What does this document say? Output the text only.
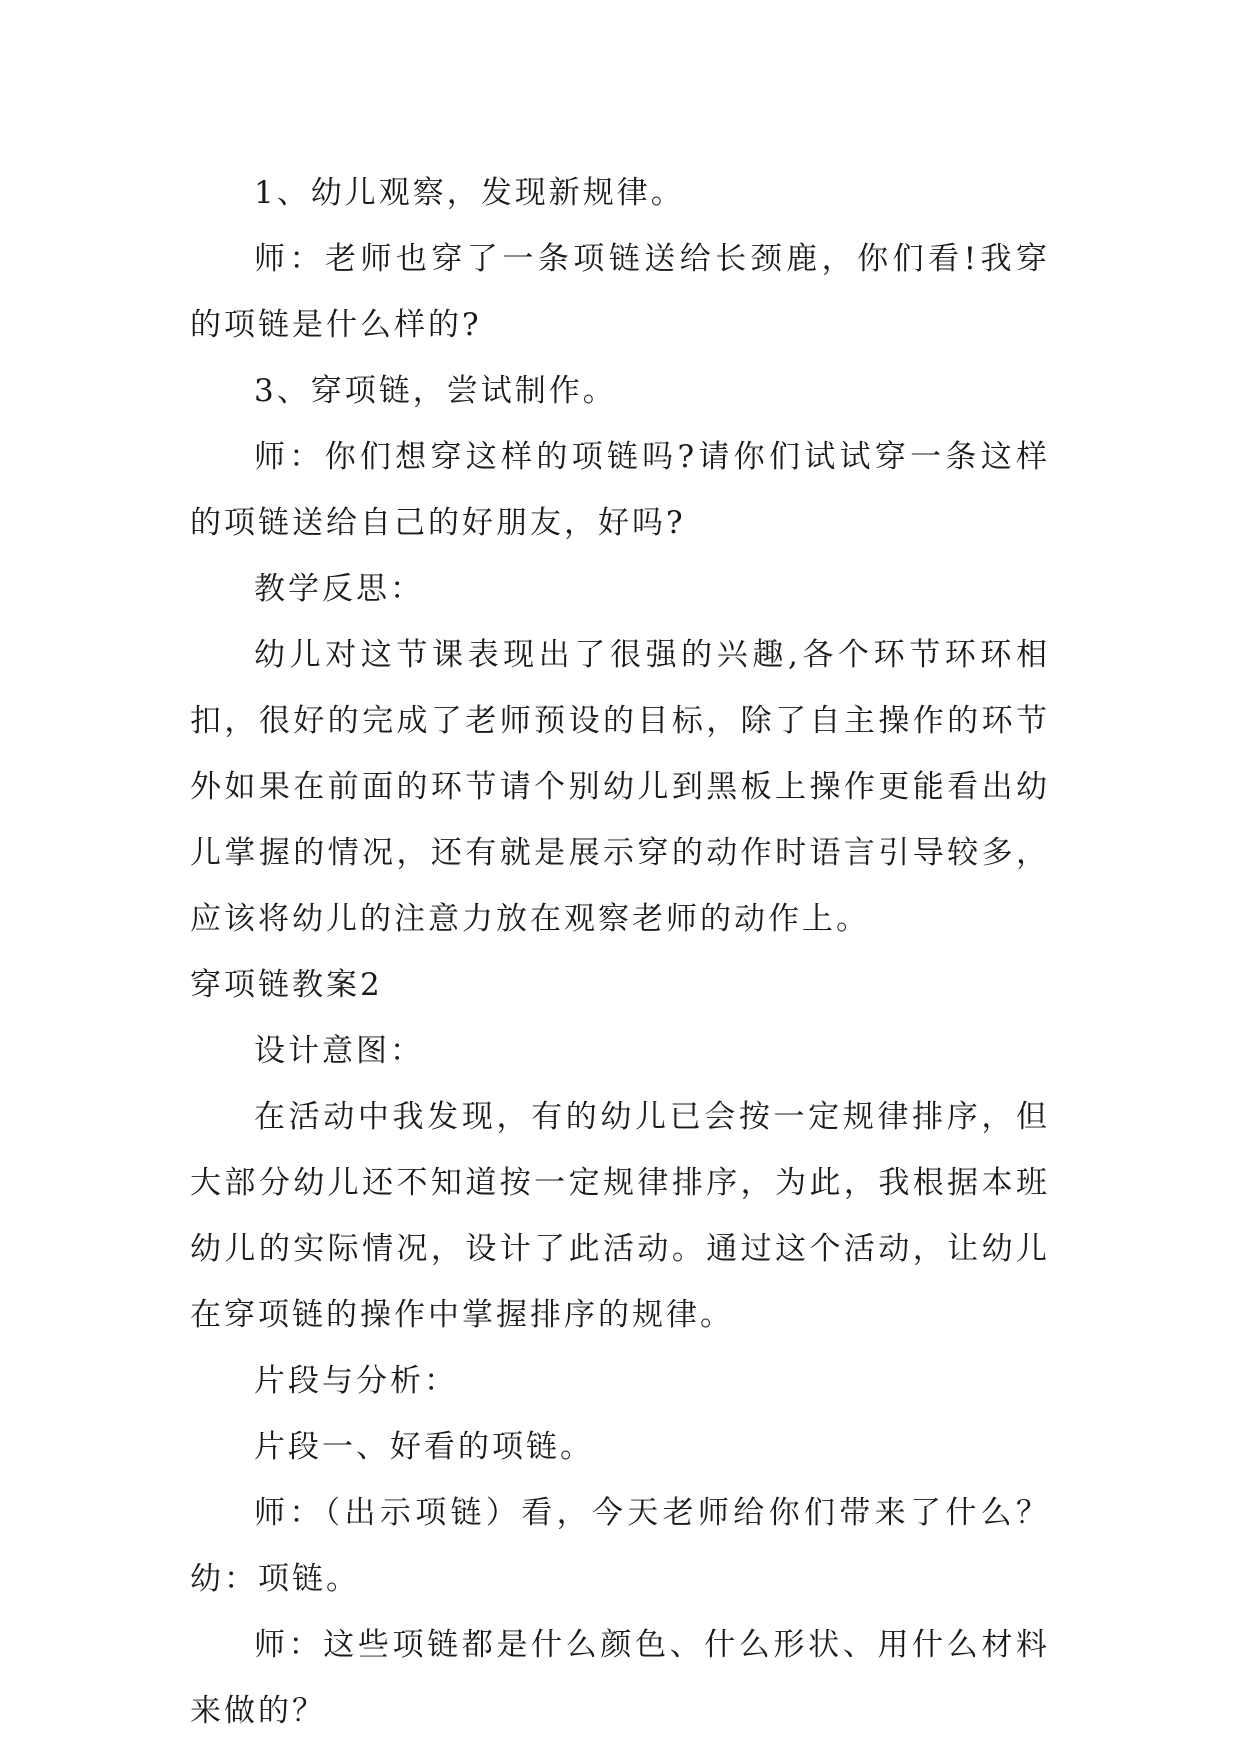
1、幼儿观察，发现新规律。

师：老师也穿了一条项链送给长颈鹿，你们看!我穿的项链是什么样的?

3、穿项链，尝试制作。

师：你们想穿这样的项链吗?请你们试试穿一条这样的项链送给自己的好朋友，好吗?

教学反思：

幼儿对这节课表现出了很强的兴趣,各个环节环环相扣，很好的完成了老师预设的目标，除了自主操作的环节外如果在前面的环节请个别幼儿到黑板上操作更能看出幼儿掌握的情况，还有就是展示穿的动作时语言引导较多，应该将幼儿的注意力放在观察老师的动作上。

穿项链教案2

设计意图：

在活动中我发现，有的幼儿已会按一定规律排序，但大部分幼儿还不知道按一定规律排序，为此，我根据本班幼儿的实际情况，设计了此活动。通过这个活动，让幼儿在穿项链的操作中掌握排序的规律。

片段与分析：

片段一、好看的项链。

师：（出示项链）看，今天老师给你们带来了什么？幼：项链。

师：这些项链都是什么颜色、什么形状、用什么材料来做的？
